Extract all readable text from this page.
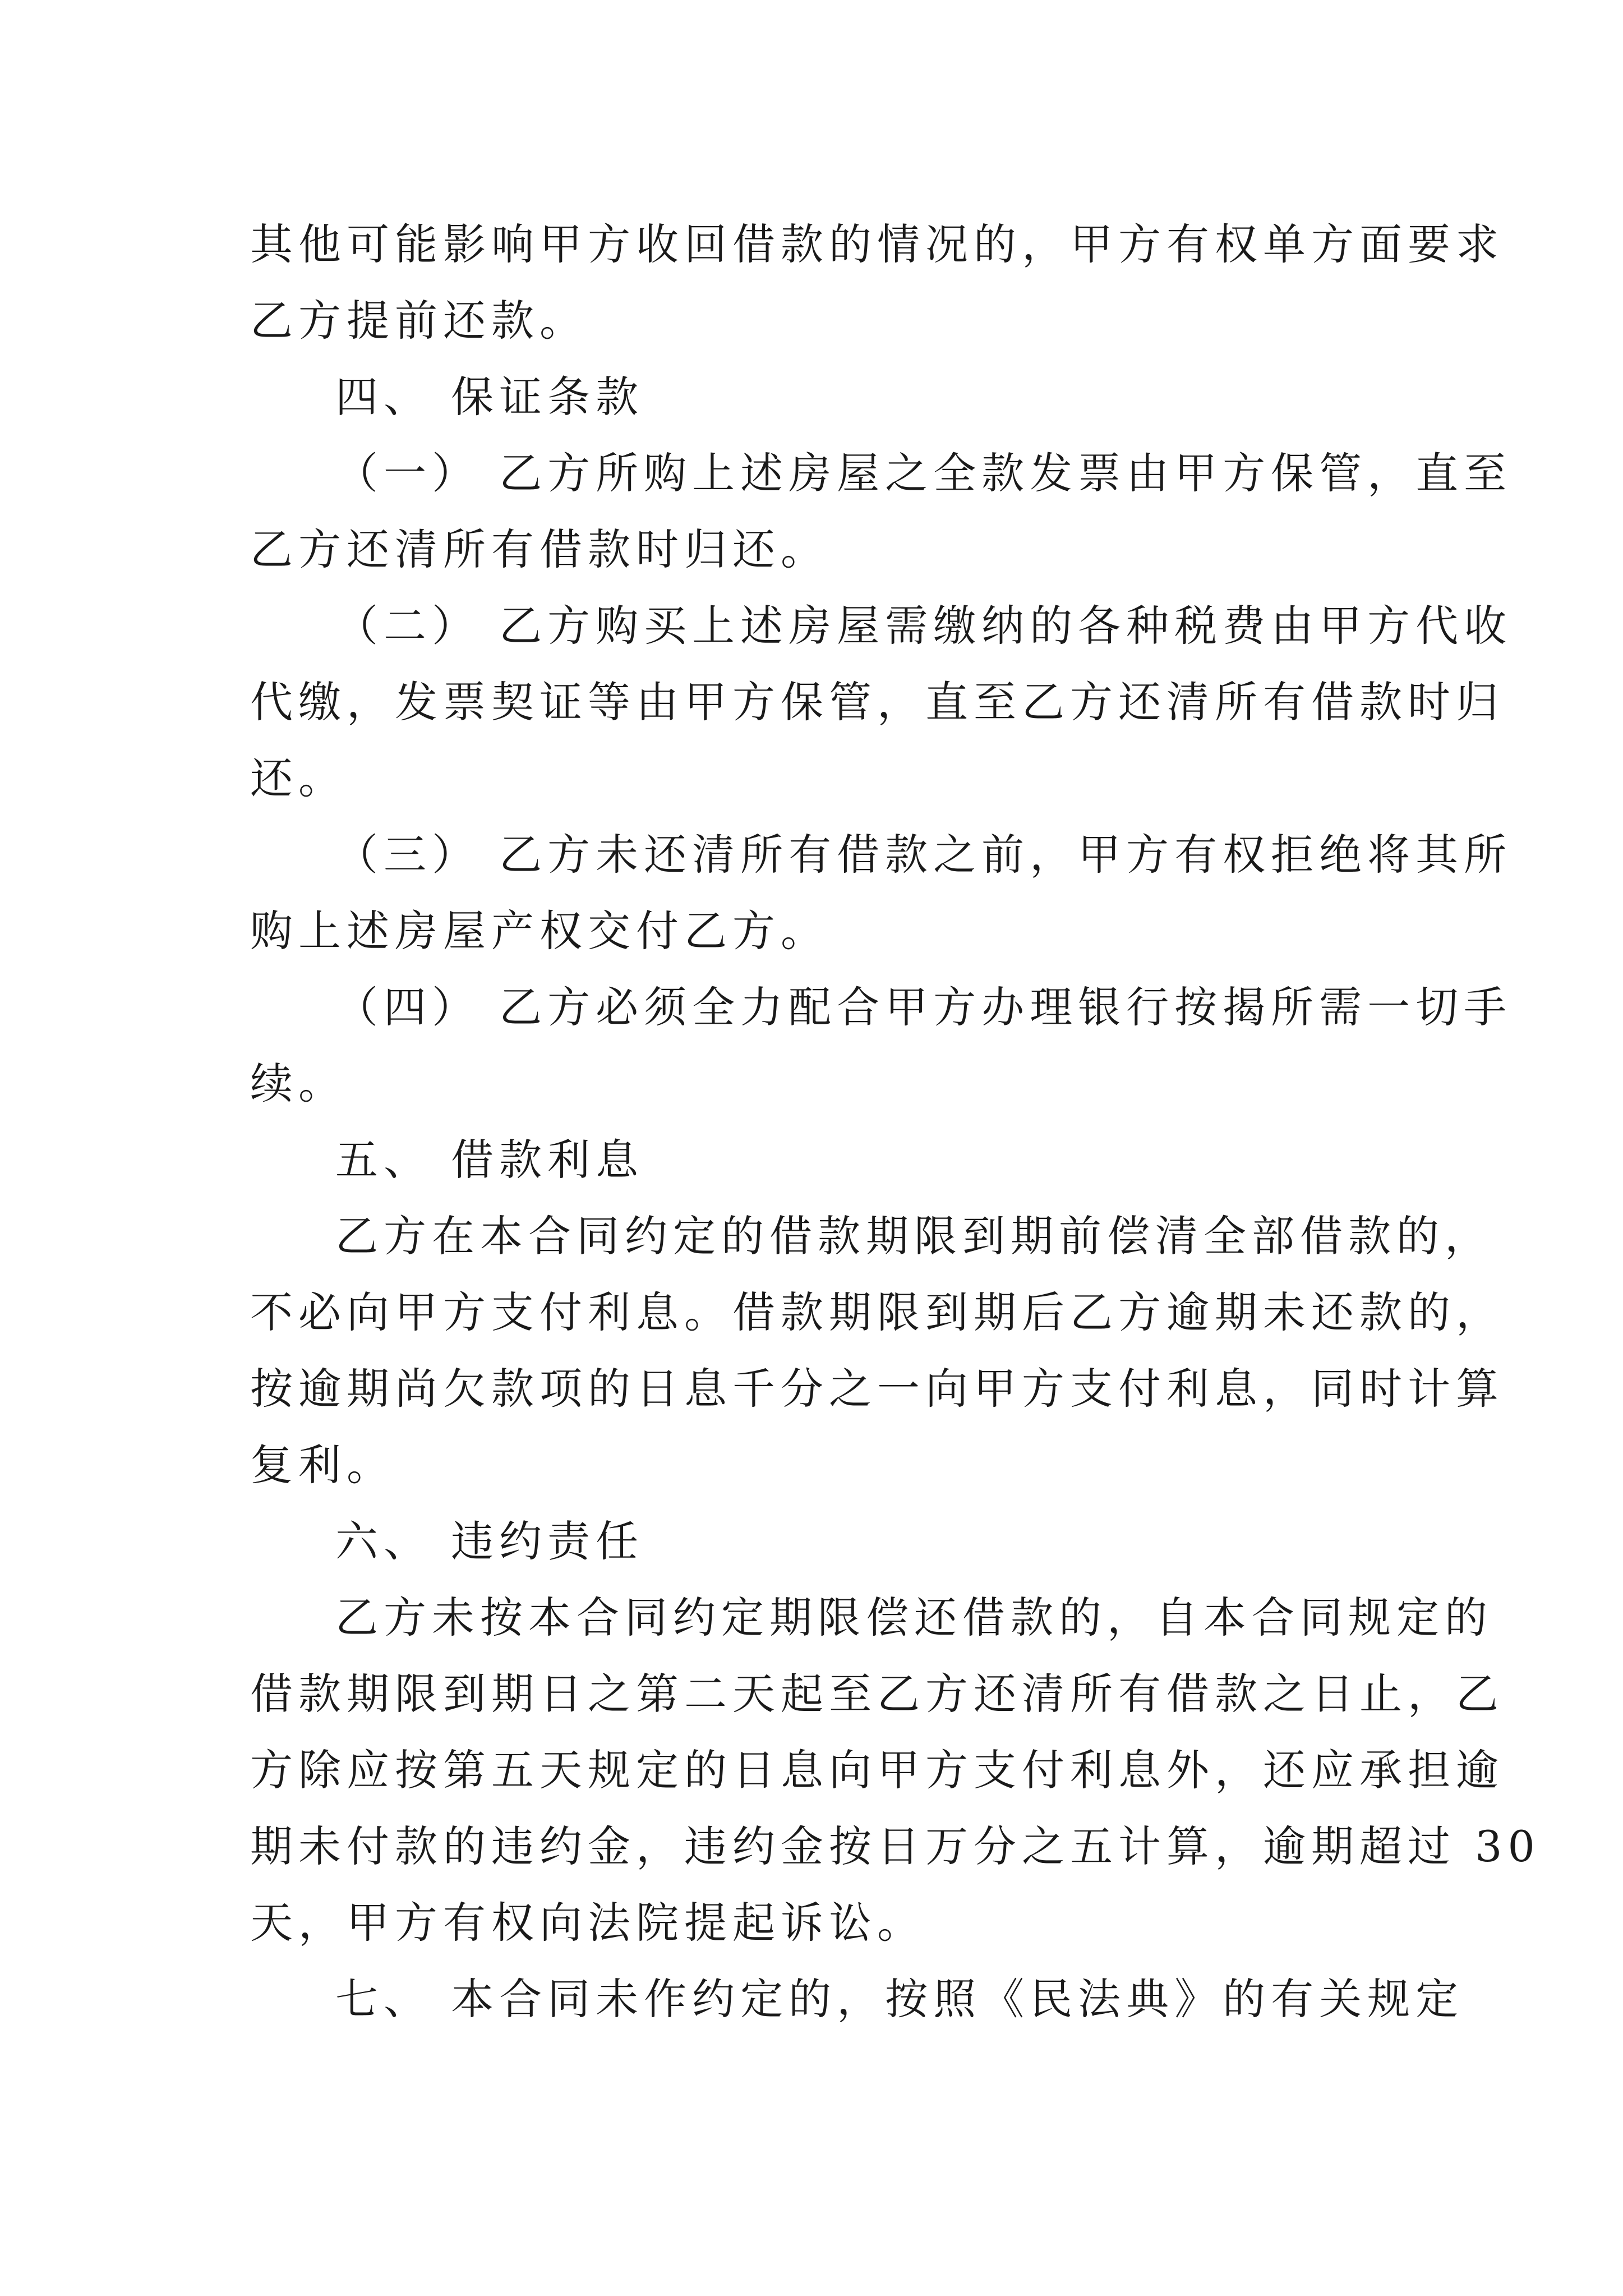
其他可能影响甲方收回借款的情况的，甲方有权单方面要求
乙方提前还款。
四、 保证条款
（一） 乙方所购上述房屋之全款发票由甲方保管，直至
乙方还清所有借款时归还。
（二） 乙方购买上述房屋需缴纳的各种税费由甲方代收
代缴，发票契证等由甲方保管，直至乙方还清所有借款时归
还。
（三） 乙方未还清所有借款之前，甲方有权拒绝将其所
购上述房屋产权交付乙方。
（四） 乙方必须全力配合甲方办理银行按揭所需一切手
续。
五、 借款利息
乙方在本合同约定的借款期限到期前偿清全部借款的，
不必向甲方支付利息。借款期限到期后乙方逾期未还款的，
按逾期尚欠款项的日息千分之一向甲方支付利息，同时计算
复利。
六、 违约责任
乙方未按本合同约定期限偿还借款的，自本合同规定的
借款期限到期日之第二天起至乙方还清所有借款之日止，乙
方除应按第五天规定的日息向甲方支付利息外，还应承担逾
期未付款的违约金，违约金按日万分之五计算，逾期超过 30
天，甲方有权向法院提起诉讼。
七、 本合同未作约定的，按照《民法典》的有关规定
